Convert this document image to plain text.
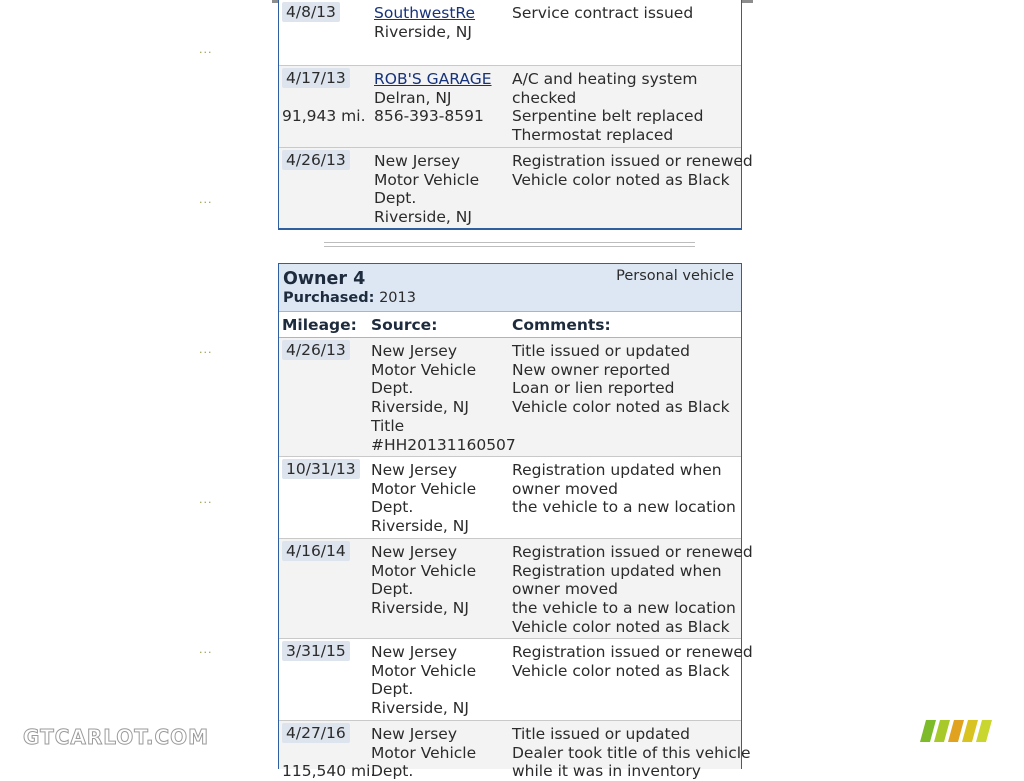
4/8/13 SouthwestRe
Riverside, NJ
Service contract issued
4/17/13
91,943 mi.
ROB'S GARAGE
Delran, NJ
856-393-8591
A/C and heating system
checked
Serpentine belt replaced
Thermostat replaced
4/26/13 New Jersey
Motor Vehicle
Dept.
Riverside, NJ
Registration issued or renewed
Vehicle color noted as Black
Owner 4
Purchased: 2013
Personal vehicle
Mileage: Source:	Comments:
4/26/13 New Jersey
Motor Vehicle
Dept.
Riverside, NJ
Title
#HH20131160507
Title issued or updated
New owner reported
Loan or lien reported
Vehicle color noted as Black
10/31/13 New Jersey
Motor Vehicle
Dept.
Riverside, NJ
Registration updated when
owner moved
the vehicle to a new location
4/16/14 New Jersey
Motor Vehicle
Dept.
Riverside, NJ
Registration issued or renewed
Registration updated when
owner moved
the vehicle to a new location
Vehicle color noted as Black
3/31/15 New Jersey
Motor Vehicle
Dept.
Riverside, NJ
Registration issued or renewed
Vehicle color noted as Black
4/27/16
115,540 mi.
New Jersey
Motor Vehicle
Dept.
Title issued or updated
Dealer took title of this vehicle
while it was in inventory
...
...
...
...
...
GTCARLOT.COM
